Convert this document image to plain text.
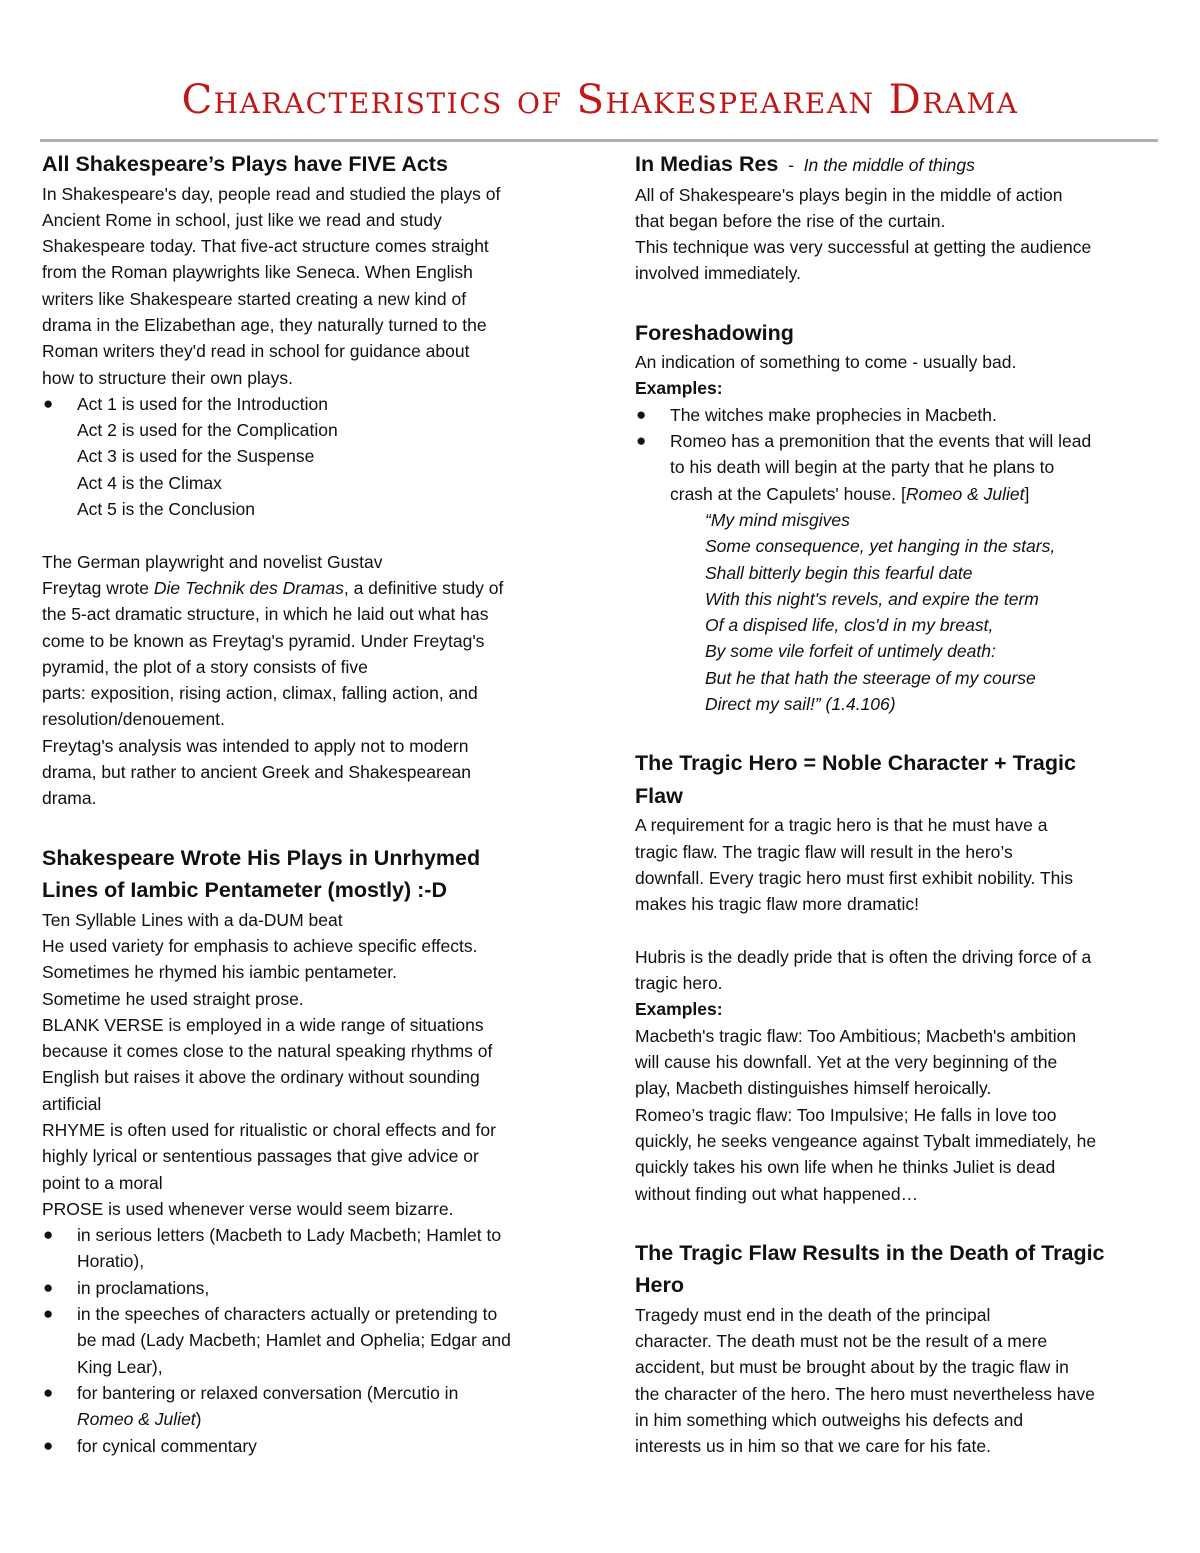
Characteristics of Shakespearean Drama

All Shakespeare’s Plays have FIVE Acts

In Shakespeare's day, people read and studied the plays of

Ancient Rome in school, just like we read and study

Shakespeare today. That five-act structure comes straight

from the Roman playwrights like Seneca. When English

writers like Shakespeare started creating a new kind of

drama in the Elizabethan age, they naturally turned to the

Roman writers they'd read in school for guidance about

how to structure their own plays.

● Act 1 is used for the Introduction

Act 2 is used for the Complication

Act 3 is used for the Suspense

Act 4 is the Climax

Act 5 is the Conclusion

The German playwright and novelist Gustav

Freytag wrote Die Technik des Dramas, a definitive study of

the 5-act dramatic structure, in which he laid out what has

come to be known as Freytag's pyramid. Under Freytag's

pyramid, the plot of a story consists of five

parts: exposition, rising action, climax, falling action, and

resolution/denouement.

Freytag's analysis was intended to apply not to modern

drama, but rather to ancient Greek and Shakespearean

drama.

Shakespeare Wrote His Plays in Unrhymed

Lines of Iambic Pentameter (mostly) :-D

Ten Syllable Lines with a da-DUM beat

He used variety for emphasis to achieve specific effects.

Sometimes he rhymed his iambic pentameter.

Sometime he used straight prose.

BLANK VERSE is employed in a wide range of situations

because it comes close to the natural speaking rhythms of

English but raises it above the ordinary without sounding

artificial

RHYME is often used for ritualistic or choral effects and for

highly lyrical or sententious passages that give advice or

point to a moral

PROSE is used whenever verse would seem bizarre.

● in serious letters (Macbeth to Lady Macbeth; Hamlet to
Horatio),
● in proclamations,
● in the speeches of characters actually or pretending to
be mad (Lady Macbeth; Hamlet and Ophelia; Edgar and
King Lear),
● for bantering or relaxed conversation (Mercutio in
Romeo & Juliet)
● for cynical commentary

In Medias Res  -  In the middle of things

All of Shakespeare's plays begin in the middle of action

that began before the rise of the curtain.

This technique was very successful at getting the audience

involved immediately.

Foreshadowing

An indication of something to come - usually bad.

Examples:

● The witches make prophecies in Macbeth.
● Romeo has a premonition that the events that will lead
to his death will begin at the party that he plans to
crash at the Capulets' house. [Romeo & Juliet]

“My mind misgives

Some consequence, yet hanging in the stars,

Shall bitterly begin this fearful date

With this night's revels, and expire the term

Of a dispised life, clos'd in my breast,

By some vile forfeit of untimely death:

But he that hath the steerage of my course

Direct my sail!” (1.4.106)

The Tragic Hero = Noble Character + Tragic

Flaw

A requirement for a tragic hero is that he must have a

tragic flaw. The tragic flaw will result in the hero’s

downfall. Every tragic hero must first exhibit nobility. This

makes his tragic flaw more dramatic!

Hubris is the deadly pride that is often the driving force of a

tragic hero.

Examples:

Macbeth's tragic flaw: Too Ambitious; Macbeth's ambition

will cause his downfall. Yet at the very beginning of the

play, Macbeth distinguishes himself heroically.

Romeo’s tragic flaw: Too Impulsive; He falls in love too

quickly, he seeks vengeance against Tybalt immediately, he

quickly takes his own life when he thinks Juliet is dead

without finding out what happened…

The Tragic Flaw Results in the Death of Tragic

Hero

Tragedy must end in the death of the principal

character. The death must not be the result of a mere

accident, but must be brought about by the tragic flaw in

the character of the hero. The hero must nevertheless have

in him something which outweighs his defects and

interests us in him so that we care for his fate.
